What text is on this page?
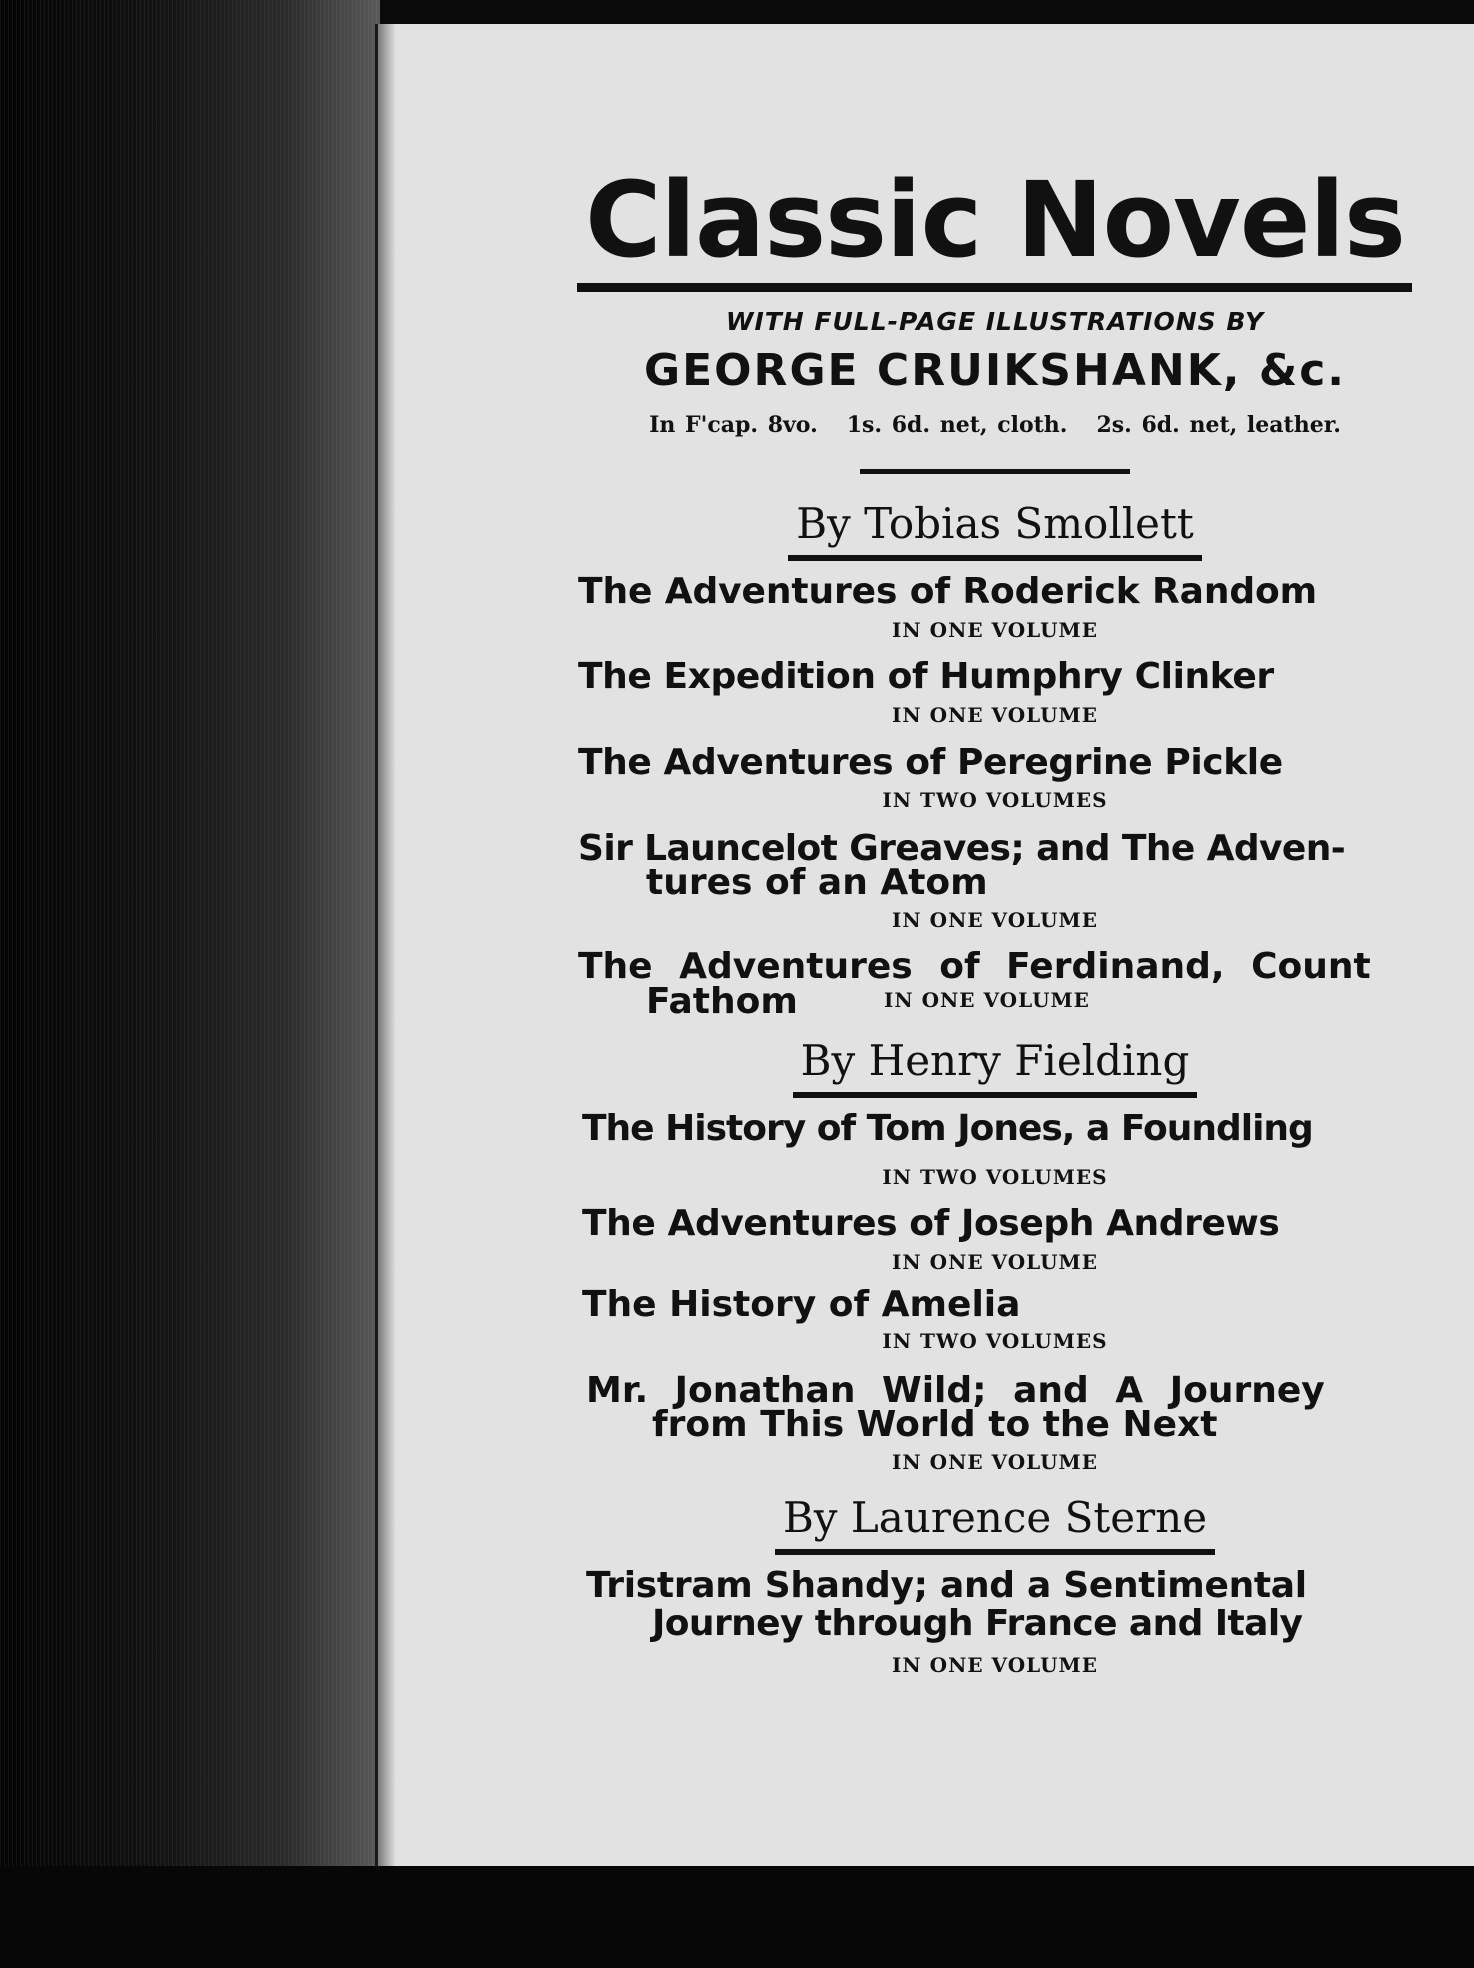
Classic Novels
WITH FULL-PAGE ILLUSTRATIONS BY
GEORGE CRUIKSHANK, &c.
In F'cap. 8vo.   1s. 6d. net, cloth.   2s. 6d. net, leather.
By Tobias Smollett
The Adventures of Roderick Random
IN ONE VOLUME
The Expedition of Humphry Clinker
IN ONE VOLUME
The Adventures of Peregrine Pickle
IN TWO VOLUMES
Sir Launcelot Greaves; and The Adven-
tures of an Atom
IN ONE VOLUME
The Adventures of Ferdinand, Count
Fathom	IN ONE VOLUME
By Henry Fielding
The History of Tom Jones, a Foundling
IN TWO VOLUMES
The Adventures of Joseph Andrews
IN ONE VOLUME
The History of Amelia
IN TWO VOLUMES
Mr. Jonathan Wild; and A Journey
from This World to the Next
IN ONE VOLUME
By Laurence Sterne
Tristram Shandy; and a Sentimental
Journey through France and Italy
IN ONE VOLUME
